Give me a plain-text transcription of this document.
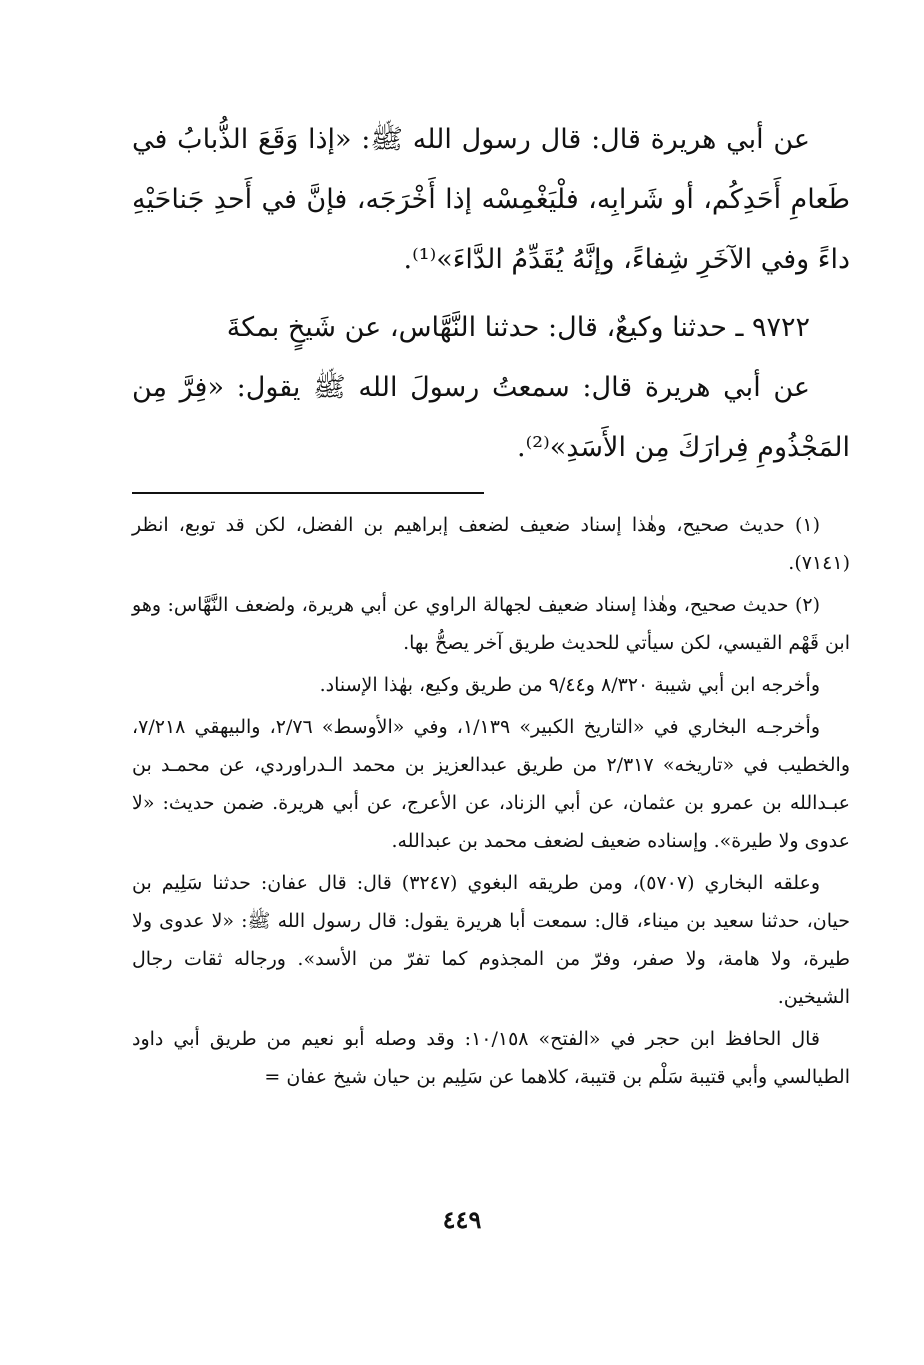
عن أبي هريرة قال: قال رسول الله ﷺ: «إذا وَقَعَ الذُّبابُ في طَعامِ أَحَدِكُم، أو شَرابِه، فلْيَغْمِسْه إذا أَخْرَجَه، فإنَّ في أَحدِ جَناحَيْهِ داءً وفي الآخَرِ شِفاءً، وإنَّهُ يُقَدِّمُ الدَّاءَ»⁽¹⁾.

٩٧٢٢ ـ حدثنا وكيعٌ، قال: حدثنا النَّهَّاس، عن شَيخٍ بمكةَ

عن أبي هريرة قال: سمعتُ رسولَ الله ﷺ يقول: «فِرَّ مِن المَجْذُومِ فِرارَكَ مِن الأَسَدِ»⁽²⁾.

(١) حديث صحيح، وهٰذا إسناد ضعيف لضعف إبراهيم بن الفضل، لكن قد توبع، انظر (٧١٤١).

(٢) حديث صحيح، وهٰذا إسناد ضعيف لجهالة الراوي عن أبي هريرة، ولضعف النَّهَّاس: وهو ابن قَهْم القيسي، لكن سيأتي للحديث طريق آخر يصحُّ بها.

وأخرجه ابن أبي شيبة ٨/٣٢٠ و٩/٤٤ من طريق وكيع، بهٰذا الإسناد.

وأخرجـه البخاري في «التاريخ الكبير» ١/١٣٩، وفي «الأوسط» ٢/٧٦، والبيهقي ٧/٢١٨، والخطيب في «تاريخه» ٢/٣١٧ من طريق عبدالعزيز بن محمد الـدراوردي، عن محمـد بن عبـدالله بن عمرو بن عثمان، عن أبي الزناد، عن الأعرج، عن أبي هريرة. ضمن حديث: «لا عدوى ولا طيرة». وإسناده ضعيف لضعف محمد بن عبدالله.

وعلقه البخاري (٥٧٠٧)، ومن طريقه البغوي (٣٢٤٧) قال: قال عفان: حدثنا سَلِيم بن حيان، حدثنا سعيد بن ميناء، قال: سمعت أبا هريرة يقول: قال رسول الله ﷺ: «لا عدوى ولا طيرة، ولا هامة، ولا صفر، وفرّ من المجذوم كما تفرّ من الأسد». ورجاله ثقات رجال الشيخين.

قال الحافظ ابن حجر في «الفتح» ١٠/١٥٨: وقد وصله أبو نعيم من طريق أبي داود الطيالسي وأبي قتيبة سَلْم بن قتيبة، كلاهما عن سَلِيم بن حيان شيخ عفان =

٤٤٩
